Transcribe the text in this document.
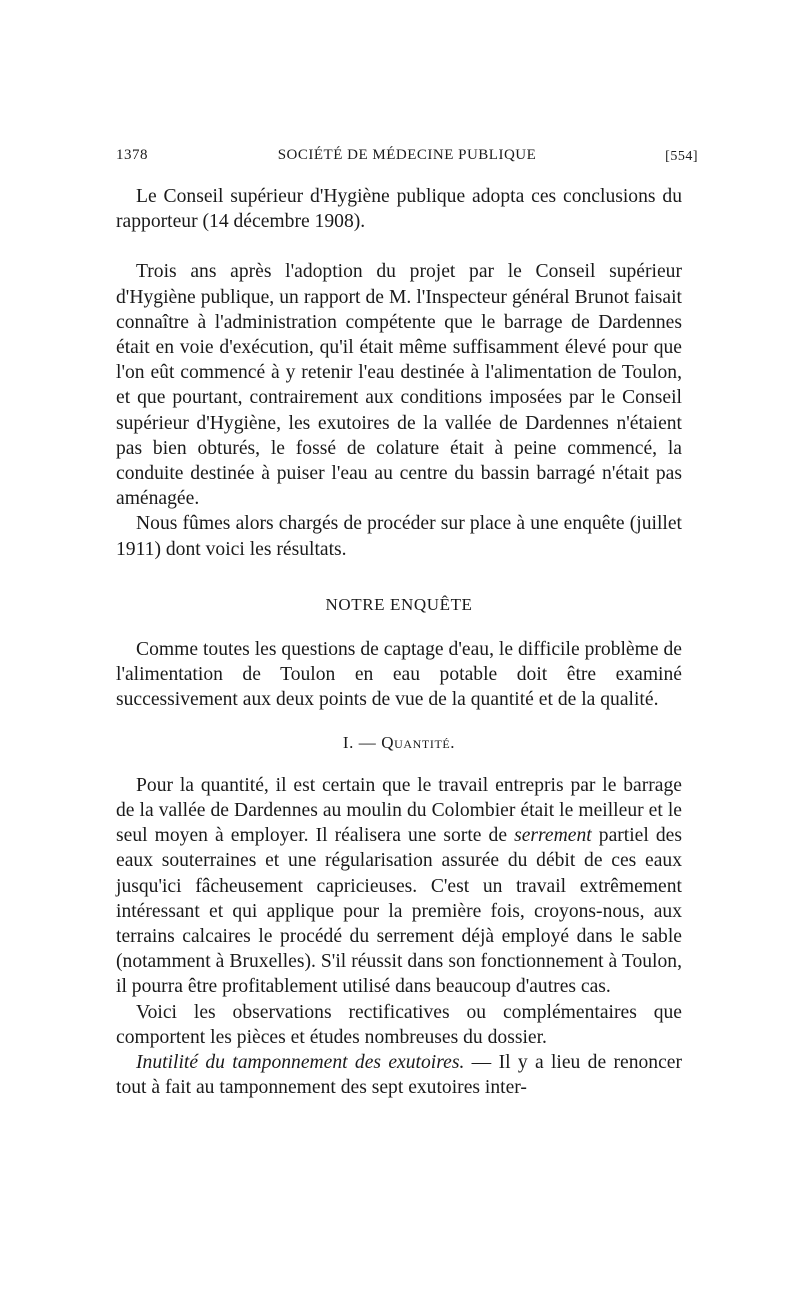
1378	SOCIÉTÉ DE MÉDECINE PUBLIQUE	[554]

Le Conseil supérieur d'Hygiène publique adopta ces conclusions du rapporteur (14 décembre 1908).

Trois ans après l'adoption du projet par le Conseil supérieur d'Hygiène publique, un rapport de M. l'Inspecteur général Brunot faisait connaître à l'administration compétente que le barrage de Dardennes était en voie d'exécution, qu'il était même suffisamment élevé pour que l'on eût commencé à y retenir l'eau destinée à l'alimentation de Toulon, et que pourtant, contrairement aux conditions imposées par le Conseil supérieur d'Hygiène, les exutoires de la vallée de Dardennes n'étaient pas bien obturés, le fossé de colature était à peine commencé, la conduite destinée à puiser l'eau au centre du bassin barragé n'était pas aménagée.

Nous fûmes alors chargés de procéder sur place à une enquête (juillet 1911) dont voici les résultats.

NOTRE ENQUÊTE

Comme toutes les questions de captage d'eau, le difficile problème de l'alimentation de Toulon en eau potable doit être examiné successivement aux deux points de vue de la quantité et de la qualité.

I. — Quantité.

Pour la quantité, il est certain que le travail entrepris par le barrage de la vallée de Dardennes au moulin du Colombier était le meilleur et le seul moyen à employer. Il réalisera une sorte de serrement partiel des eaux souterraines et une régularisation assurée du débit de ces eaux jusqu'ici fâcheusement capricieuses. C'est un travail extrêmement intéressant et qui applique pour la première fois, croyons-nous, aux terrains calcaires le procédé du serrement déjà employé dans le sable (notamment à Bruxelles). S'il réussit dans son fonctionnement à Toulon, il pourra être profitablement utilisé dans beaucoup d'autres cas.

Voici les observations rectificatives ou complémentaires que comportent les pièces et études nombreuses du dossier.

Inutilité du tamponnement des exutoires. — Il y a lieu de renoncer tout à fait au tamponnement des sept exutoires inter-
